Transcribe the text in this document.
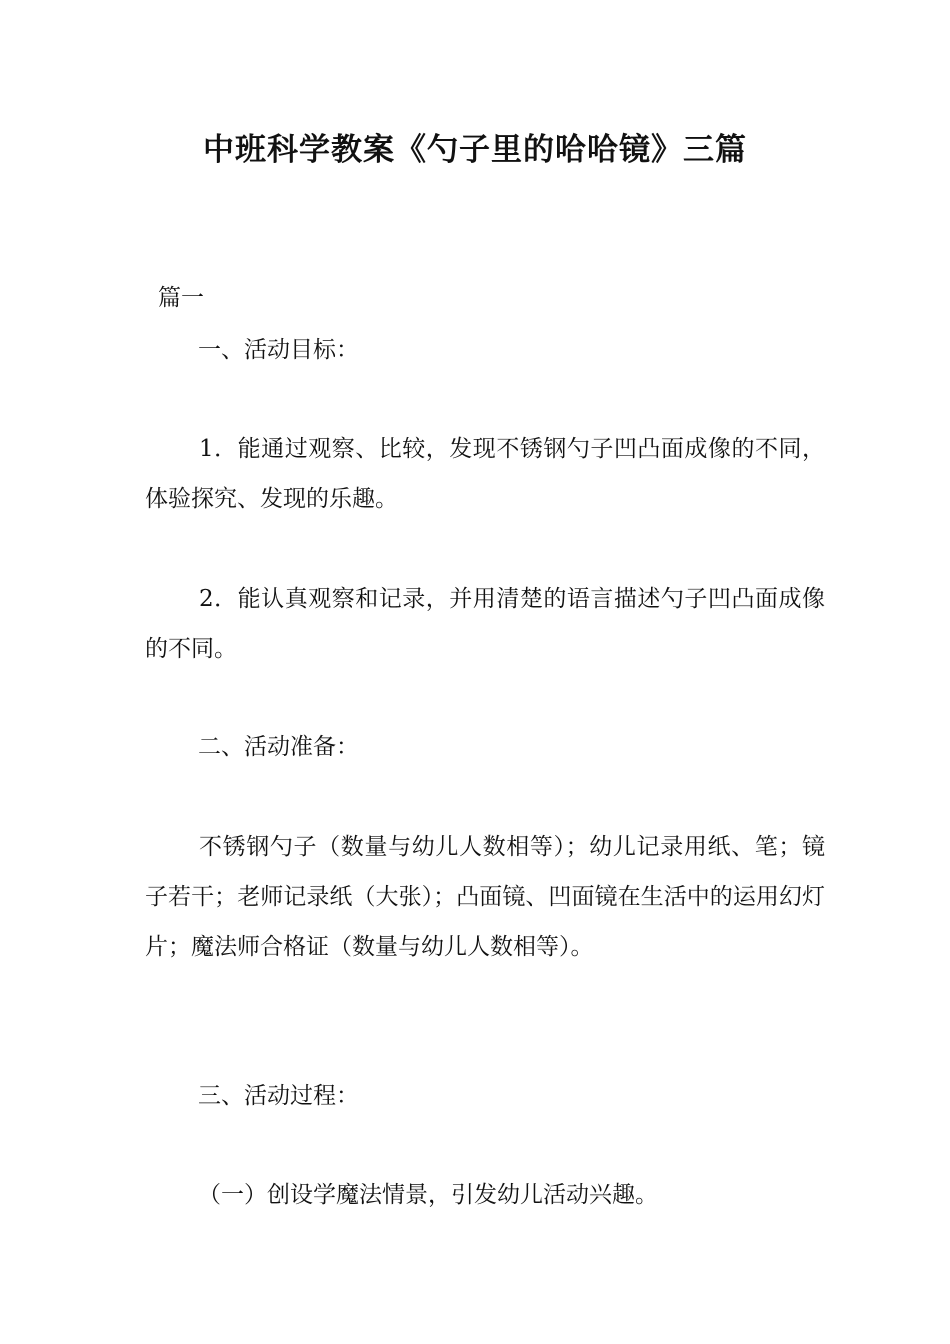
中班科学教案《勺子里的哈哈镜》三篇
篇一
一、活动目标：
1．能通过观察、比较，发现不锈钢勺子凹凸面成像的不同，体验探究、发现的乐趣。
2．能认真观察和记录，并用清楚的语言描述勺子凹凸面成像的不同。
二、活动准备：
不锈钢勺子（数量与幼儿人数相等）；幼儿记录用纸、笔；镜子若干；老师记录纸（大张）；凸面镜、凹面镜在生活中的运用幻灯片；魔法师合格证（数量与幼儿人数相等）。
三、活动过程：
（一）创设学魔法情景，引发幼儿活动兴趣。
